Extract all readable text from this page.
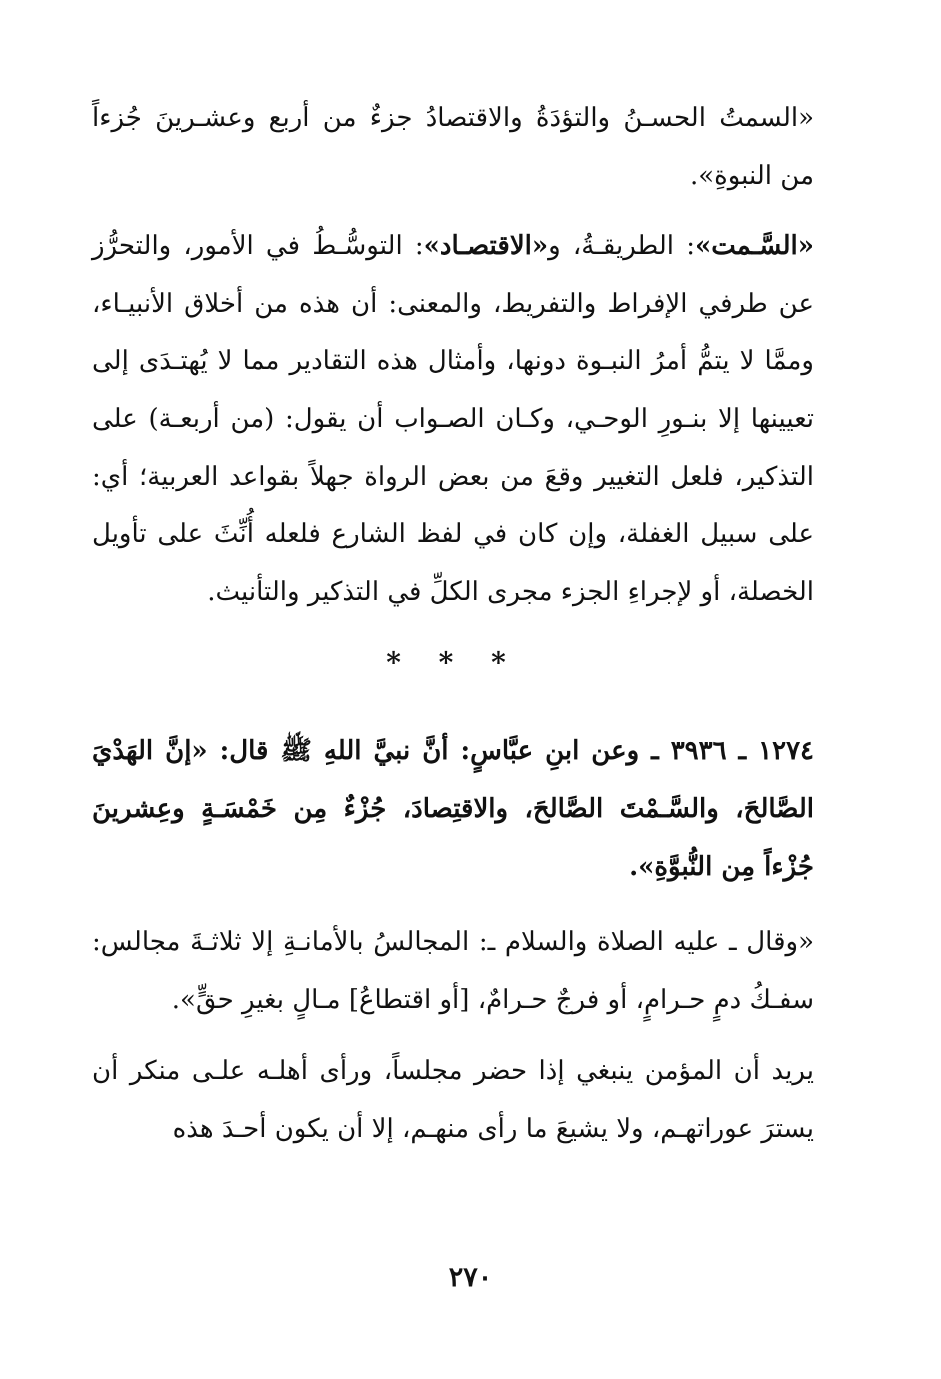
«السمتُ الحسـنُ والتؤدَةُ والاقتصادُ جزءٌ من أربع وعشـرينَ جُزءاً من النبوةِ».

«السَّـمت»: الطريقـةُ، و«الاقتصـاد»: التوسُّـطُ في الأمور، والتحرُّز عن طرفي الإفراط والتفريط، والمعنى: أن هذه من أخلاق الأنبيـاء، وممَّا لا يتمُّ أمرُ النبـوة دونها، وأمثال هذه التقادير مما لا يُهتـدَى إلى تعيينها إلا بنـورِ الوحـي، وكـان الصـواب أن يقول: (من أربعـة) على التذكير، فلعل التغيير وقعَ من بعض الرواة جهلاً بقواعد العربية؛ أي: على سبيل الغفلة، وإن كان في لفظ الشارع فلعله أُنِّثَ على تأويل الخصلة، أو لإجراءِ الجزء مجرى الكلِّ في التذكير والتأنيث.

* * *

١٢٧٤ ـ ٣٩٣٦ ـ وعن ابنِ عبَّاسٍ: أنَّ نبيَّ اللهِ ﷺ قال: «إنَّ الهَدْيَ الصَّالحَ، والسَّـمْتَ الصَّالحَ، والاقتِصادَ، جُزْءٌ مِن خَمْسَـةٍ وعِشرينَ جُزْءاً مِن النُّبوَّةِ».

«وقال ـ عليه الصلاة والسلام ـ: المجالسُ بالأمانـةِ إلا ثلاثـةَ مجالس: سفـكُ دمٍ حـرامٍ، أو فرجٌ حـرامٌ، [أو اقتطاعُ] مـالٍ بغيرِ حقٍّ».

يريد أن المؤمن ينبغي إذا حضر مجلساً، ورأى أهلـه علـى منكر أن يسترَ عوراتهـم، ولا يشيعَ ما رأى منهـم، إلا أن يكون أحـدَ هذه

٢٧٠
